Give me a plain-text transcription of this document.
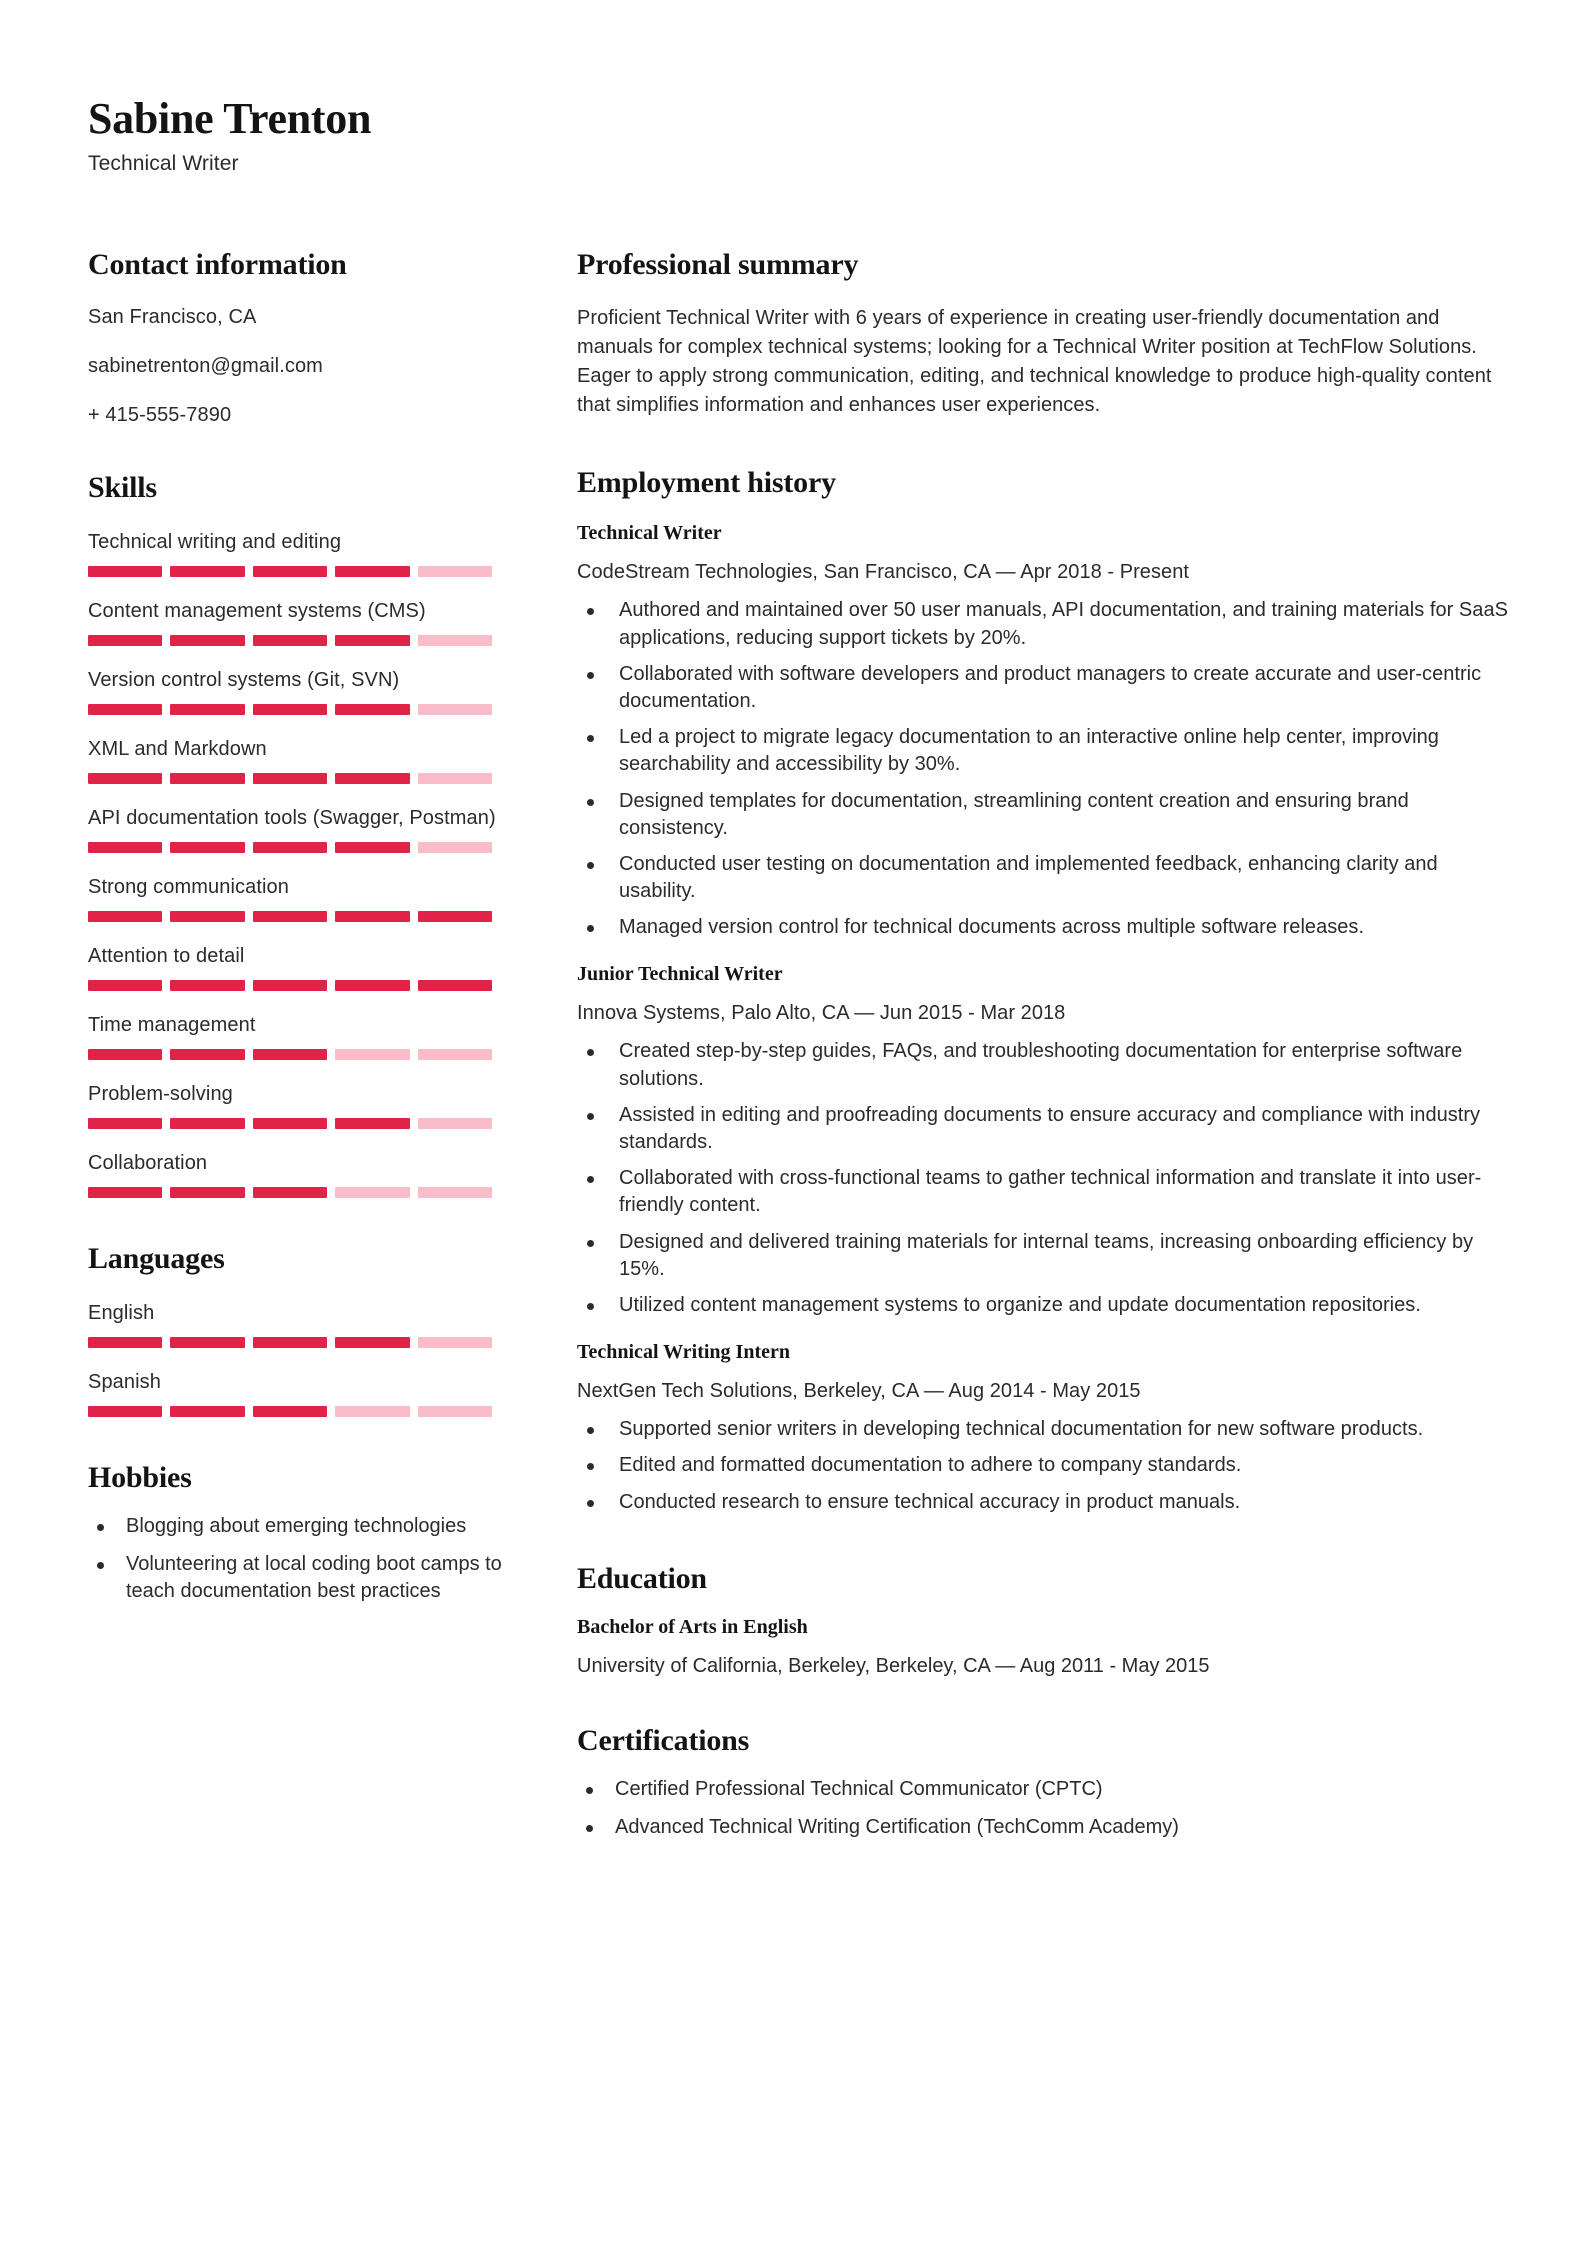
Sabine Trenton
Technical Writer
Contact information
San Francisco, CA
sabinetrenton@gmail.com
+ 415-555-7890
Skills
Technical writing and editing
Content management systems (CMS)
Version control systems (Git, SVN)
XML and Markdown
API documentation tools (Swagger, Postman)
Strong communication
Attention to detail
Time management
Problem-solving
Collaboration
Languages
English
Spanish
Hobbies
Blogging about emerging technologies
Volunteering at local coding boot camps to teach documentation best practices
Professional summary
Proficient Technical Writer with 6 years of experience in creating user-friendly documentation and manuals for complex technical systems; looking for a Technical Writer position at TechFlow Solutions. Eager to apply strong communication, editing, and technical knowledge to produce high-quality content that simplifies information and enhances user experiences.
Employment history
Technical Writer
CodeStream Technologies, San Francisco, CA — Apr 2018 - Present
Authored and maintained over 50 user manuals, API documentation, and training materials for SaaS applications, reducing support tickets by 20%.
Collaborated with software developers and product managers to create accurate and user-centric documentation.
Led a project to migrate legacy documentation to an interactive online help center, improving searchability and accessibility by 30%.
Designed templates for documentation, streamlining content creation and ensuring brand consistency.
Conducted user testing on documentation and implemented feedback, enhancing clarity and usability.
Managed version control for technical documents across multiple software releases.
Junior Technical Writer
Innova Systems, Palo Alto, CA — Jun 2015 - Mar 2018
Created step-by-step guides, FAQs, and troubleshooting documentation for enterprise software solutions.
Assisted in editing and proofreading documents to ensure accuracy and compliance with industry standards.
Collaborated with cross-functional teams to gather technical information and translate it into user-friendly content.
Designed and delivered training materials for internal teams, increasing onboarding efficiency by 15%.
Utilized content management systems to organize and update documentation repositories.
Technical Writing Intern
NextGen Tech Solutions, Berkeley, CA — Aug 2014 - May 2015
Supported senior writers in developing technical documentation for new software products.
Edited and formatted documentation to adhere to company standards.
Conducted research to ensure technical accuracy in product manuals.
Education
Bachelor of Arts in English
University of California, Berkeley, Berkeley, CA — Aug 2011 - May 2015
Certifications
Certified Professional Technical Communicator (CPTC)
Advanced Technical Writing Certification (TechComm Academy)
